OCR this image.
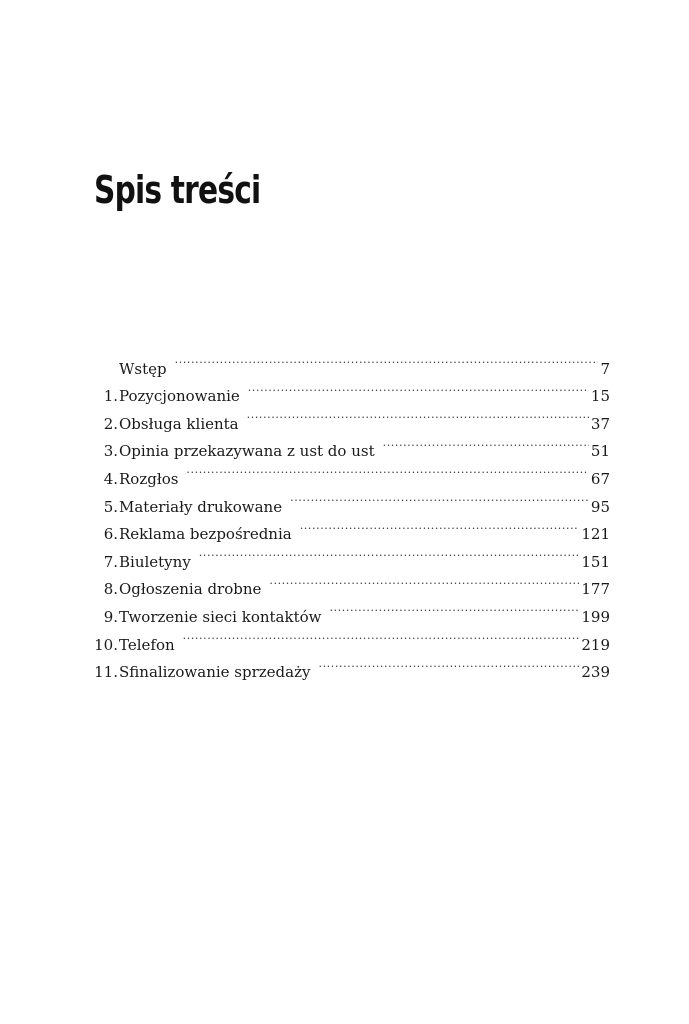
Spis treści
Wstęp .....	7
1. Pozycjonowanie .....	15
2. Obsługa klienta .....	37
3. Opinia przekazywana z ust do ust .....	51
4. Rozgłos .....	67
5. Materiały drukowane .....	95
6. Reklama bezpośrednia .....	121
7. Biuletyny .....	151
8. Ogłoszenia drobne .....	177
9. Tworzenie sieci kontaktów .....	199
10. Telefon .....	219
11. Sfinalizowanie sprzedaży .....	239
